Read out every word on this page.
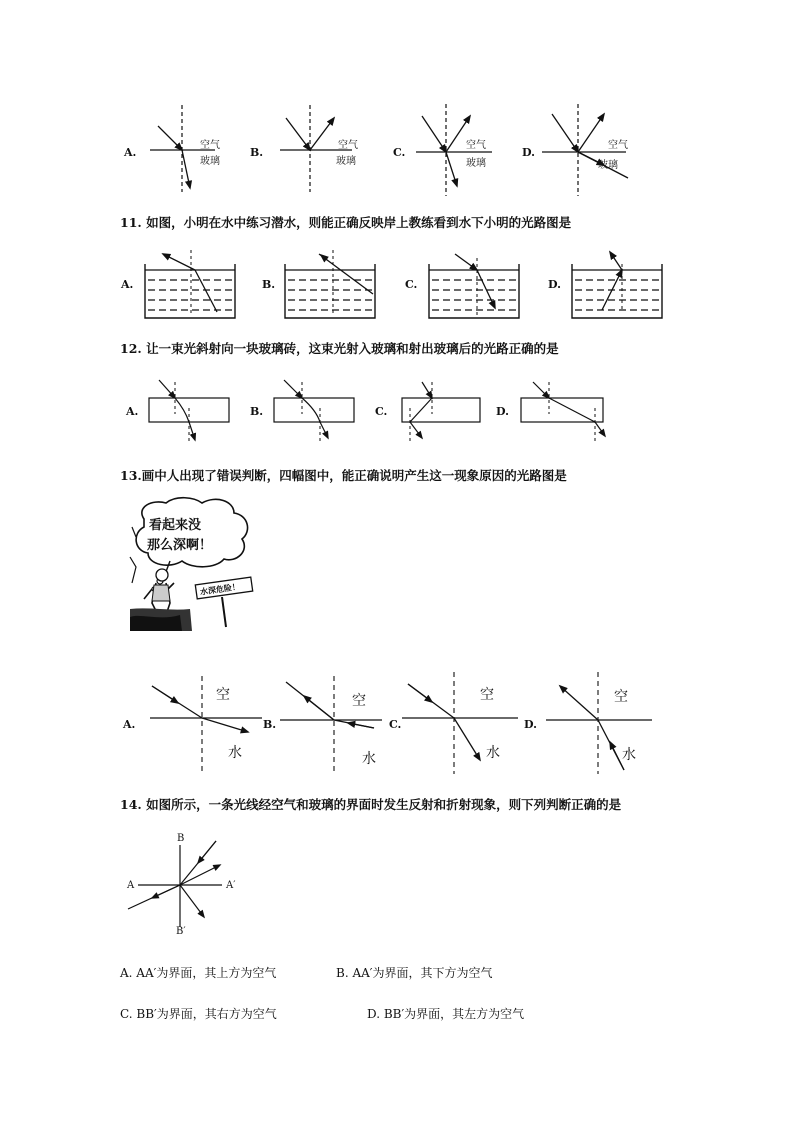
A.
空气
玻璃
B.
空气
玻璃
C.
空气
玻璃
D.
空气
玻璃
11. 如图，小明在水中练习潜水，则能正确反映岸上教练看到水下小明的光路图是
A.	B.	C.	D.
12. 让一束光斜射向一块玻璃砖，这束光射入玻璃和射出玻璃后的光路正确的是
A.	B.	C.	D.
13.画中人出现了错误判断，四幅图中，能正确说明产生这一现象原因的光路图是
看起来没
那么深啊！
水深危险！
A.
空
水
B.
空
水
C.
空
水
D.
空
水
14. 如图所示，一条光线经空气和玻璃的界面时发生反射和折射现象，则下列判断正确的是
B
A	A′
B′
A. AA′为界面，其上方为空气	B. AA′为界面，其下方为空气
C. BB′为界面，其右方为空气	D. BB′为界面，其左方为空气
